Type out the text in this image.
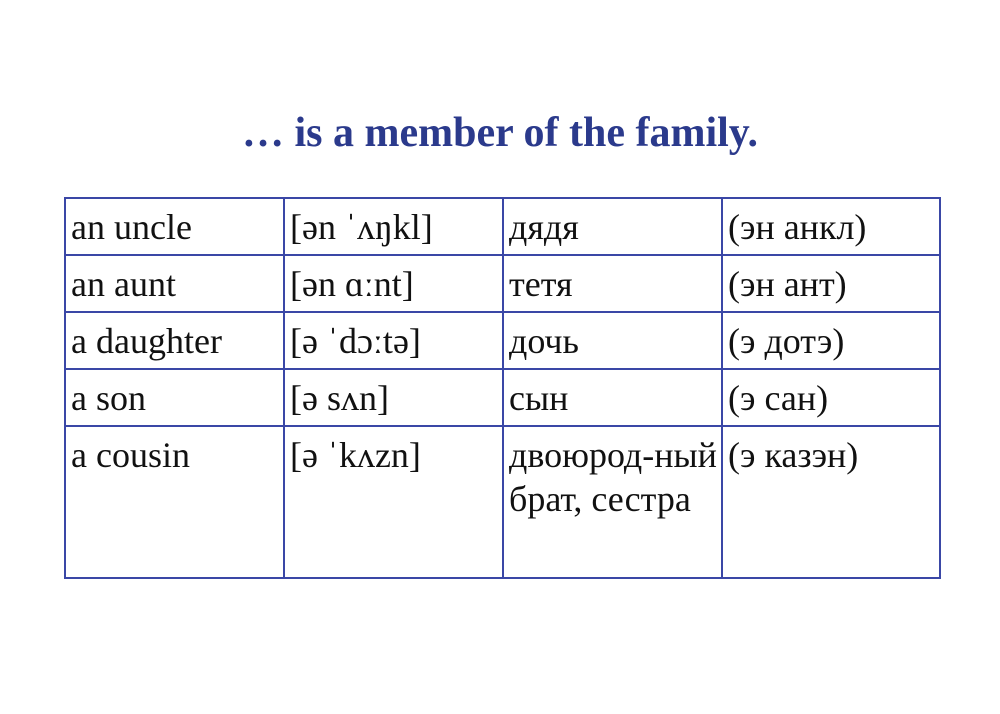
… is a member of the family.
an uncle	[ən ˈʌŋkl]	дядя	(эн анкл)
an aunt	[ən ɑːnt]	тетя	(эн ант)
a daughter	[ə ˈdɔːtə]	дочь	(э дотэ)
a son	[ə sʌn]	сын	(э сан)
a cousin	[ə ˈkʌzn]	двоюрод-ный брат, сестра	(э казэн)
